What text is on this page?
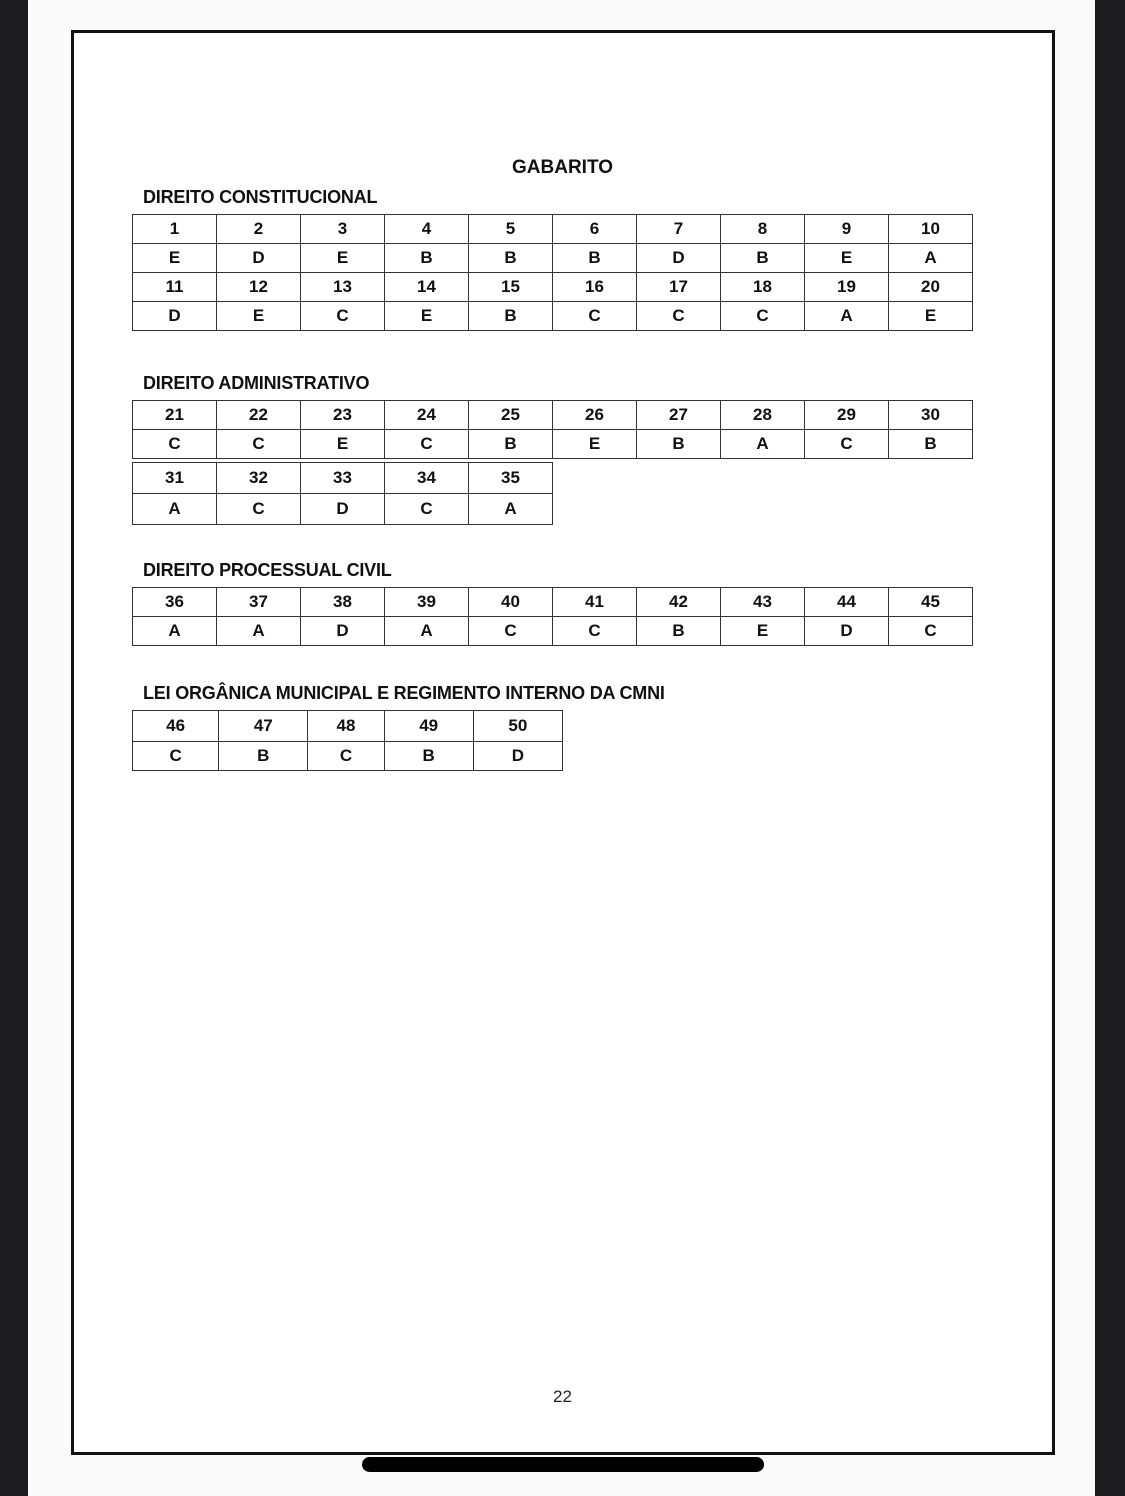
GABARITO
DIREITO CONSTITUCIONAL
1	2	3	4	5	6	7	8	9	10
E	D	E	B	B	B	D	B	E	A
11	12	13	14	15	16	17	18	19	20
D	E	C	E	B	C	C	C	A	E
DIREITO ADMINISTRATIVO
21	22	23	24	25	26	27	28	29	30
C	C	E	C	B	E	B	A	C	B
31	32	33	34	35
A	C	D	C	A
DIREITO PROCESSUAL CIVIL
36	37	38	39	40	41	42	43	44	45
A	A	D	A	C	C	B	E	D	C
LEI ORGÂNICA MUNICIPAL E REGIMENTO INTERNO DA CMNI
46	47	48	49	50
C	B	C	B	D
22
